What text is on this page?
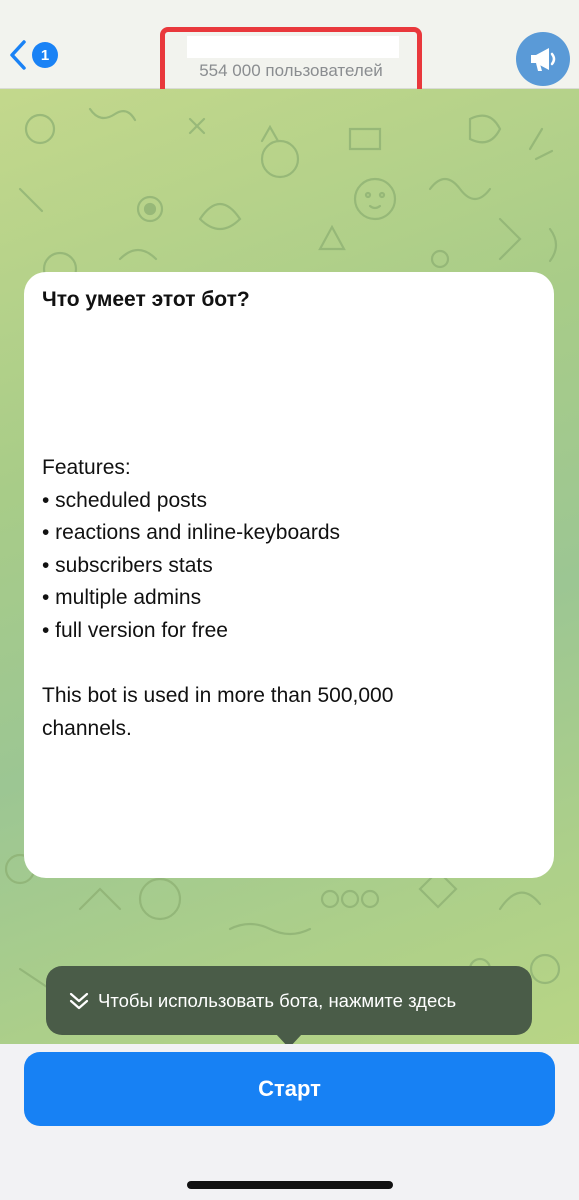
1
554 000 пользователей

Что умеет этот бот?

Features:
• scheduled posts
• reactions and inline-keyboards
• subscribers stats
• multiple admins
• full version for free
This bot is used in more than 500,000
channels.
Чтобы использовать бота, нажмите здесь
Старт
